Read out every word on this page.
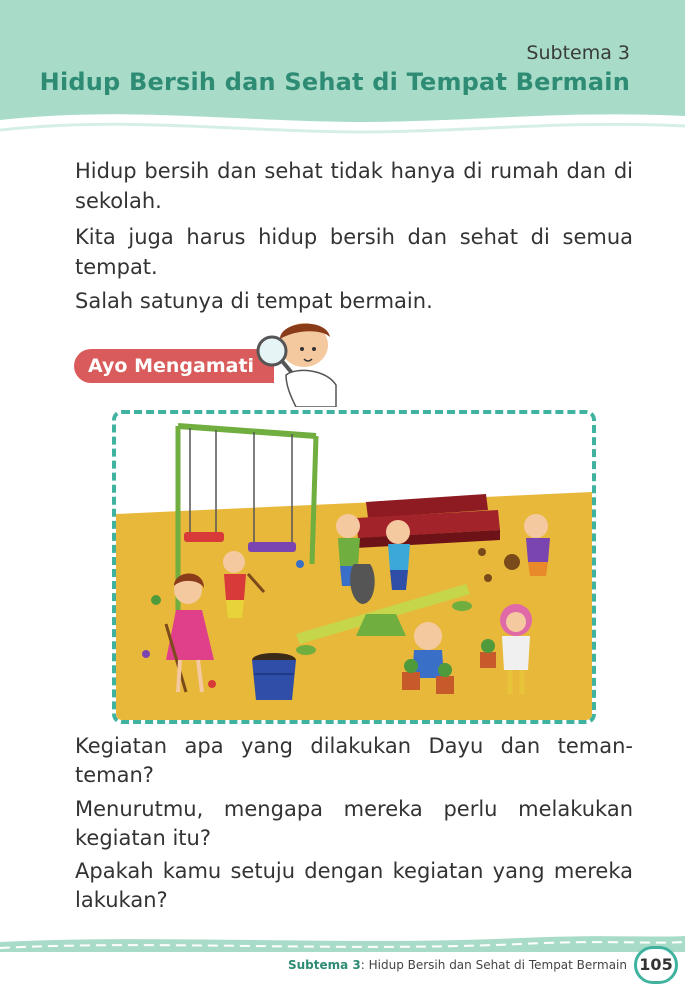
Subtema 3
Hidup Bersih dan Sehat di Tempat Bermain

Hidup bersih dan sehat tidak hanya di rumah dan di sekolah.

Kita juga harus hidup bersih dan sehat di semua tempat.

Salah satunya di tempat bermain.

Ayo Mengamati

Kegiatan apa yang dilakukan Dayu dan teman-teman?

Menurutmu, mengapa mereka perlu melakukan kegiatan itu?

Apakah kamu setuju dengan kegiatan yang mereka lakukan?

Subtema 3: Hidup Bersih dan Sehat di Tempat Bermain 105
